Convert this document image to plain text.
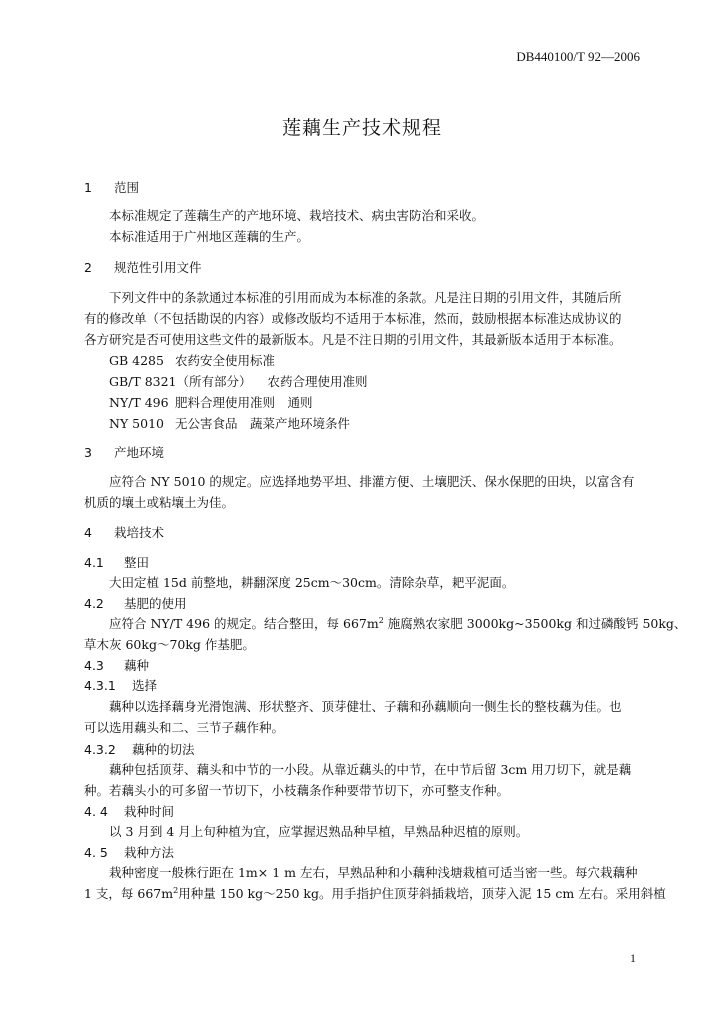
DB440100/T 92—2006
莲藕生产技术规程
1 范围
本标准规定了莲藕生产的产地环境、栽培技术、病虫害防治和采收。
本标准适用于广州地区莲藕的生产。
2 规范性引用文件
下列文件中的条款通过本标准的引用而成为本标准的条款。凡是注日期的引用文件，其随后所
有的修改单（不包括勘误的内容）或修改版均不适用于本标准，然而，鼓励根据本标准达成协议的
各方研究是否可使用这些文件的最新版本。凡是不注日期的引用文件，其最新版本适用于本标准。
GB 4285 农药安全使用标准
GB/T 8321（所有部分） 农药合理使用准则
NY/T 496 肥料合理使用准则　通则
NY 5010 无公害食品　蔬菜产地环境条件
3 产地环境
应符合 NY 5010 的规定。应选择地势平坦、排灌方便、土壤肥沃、保水保肥的田块，以富含有
机质的壤土或粘壤土为佳。
4 栽培技术
4.1 整田
大田定植 15d 前整地，耕翻深度 25cm～30cm。清除杂草，耙平泥面。
4.2 基肥的使用
应符合 NY/T 496 的规定。结合整田，每 $667m^2$ 施腐熟农家肥 3000kg~3500kg 和过磷酸钙 50kg、
草木灰 60kg～70kg 作基肥。
4.3 藕种
4.3.1 选择
藕种以选择藕身光滑饱满、形状整齐、顶芽健壮、子藕和孙藕顺向一侧生长的整枝藕为佳。也
可以选用藕头和二、三节子藕作种。
4.3.2 藕种的切法
藕种包括顶芽、藕头和中节的一小段。从靠近藕头的中节，在中节后留 3cm 用刀切下，就是藕
种。若藕头小的可多留一节切下，小枝藕条作种要带节切下，亦可整支作种。
4. 4 栽种时间
以 3 月到 4 月上旬种植为宜，应掌握迟熟品种早植，早熟品种迟植的原则。
4. 5 栽种方法
栽种密度一般株行距在 1m× 1 m 左右，早熟品种和小藕种浅塘栽植可适当密一些。每穴栽藕种
1 支，每 $667m^2$用种量 150 kg～250 kg。用手指护住顶芽斜插栽培，顶芽入泥 15 cm 左右。采用斜植
1
